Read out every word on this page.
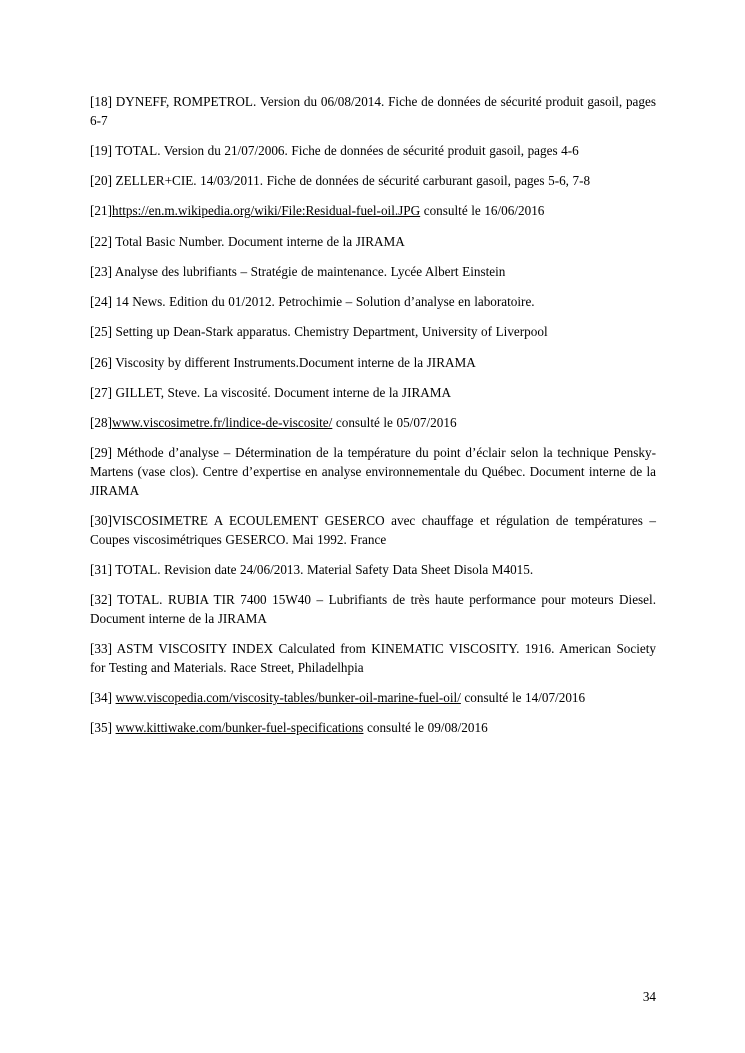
[18] DYNEFF, ROMPETROL. Version du 06/08/2014. Fiche de données de sécurité produit gasoil, pages 6-7

[19] TOTAL. Version du 21/07/2006. Fiche de données de sécurité produit gasoil, pages 4-6

[20] ZELLER+CIE. 14/03/2011. Fiche de données de sécurité carburant gasoil, pages 5-6, 7-8

[21]https://en.m.wikipedia.org/wiki/File:Residual-fuel-oil.JPG consulté le 16/06/2016

[22] Total Basic Number. Document interne de la JIRAMA

[23] Analyse des lubrifiants – Stratégie de maintenance. Lycée Albert Einstein

[24] 14 News. Edition du 01/2012. Petrochimie – Solution d’analyse en laboratoire.

[25] Setting up Dean-Stark apparatus. Chemistry Department, University of Liverpool

[26] Viscosity by different Instruments.Document interne de la JIRAMA

[27] GILLET, Steve. La viscosité. Document interne de la JIRAMA

[28]www.viscosimetre.fr/lindice-de-viscosite/ consulté le 05/07/2016

[29] Méthode d’analyse – Détermination de la température du point d’éclair selon la technique Pensky-Martens (vase clos). Centre d’expertise en analyse environnementale du Québec. Document interne de la JIRAMA

[30]VISCOSIMETRE A ECOULEMENT GESERCO avec chauffage et régulation de températures – Coupes viscosimétriques GESERCO. Mai 1992. France

[31] TOTAL. Revision date 24/06/2013. Material Safety Data Sheet Disola M4015.

[32] TOTAL. RUBIA TIR 7400 15W40 – Lubrifiants de très haute performance pour moteurs Diesel. Document interne de la JIRAMA

[33] ASTM VISCOSITY INDEX Calculated from KINEMATIC VISCOSITY. 1916. American Society for Testing and Materials. Race Street, Philadelhpia

[34] www.viscopedia.com/viscosity-tables/bunker-oil-marine-fuel-oil/ consulté le 14/07/2016

[35] www.kittiwake.com/bunker-fuel-specifications consulté le 09/08/2016

34
